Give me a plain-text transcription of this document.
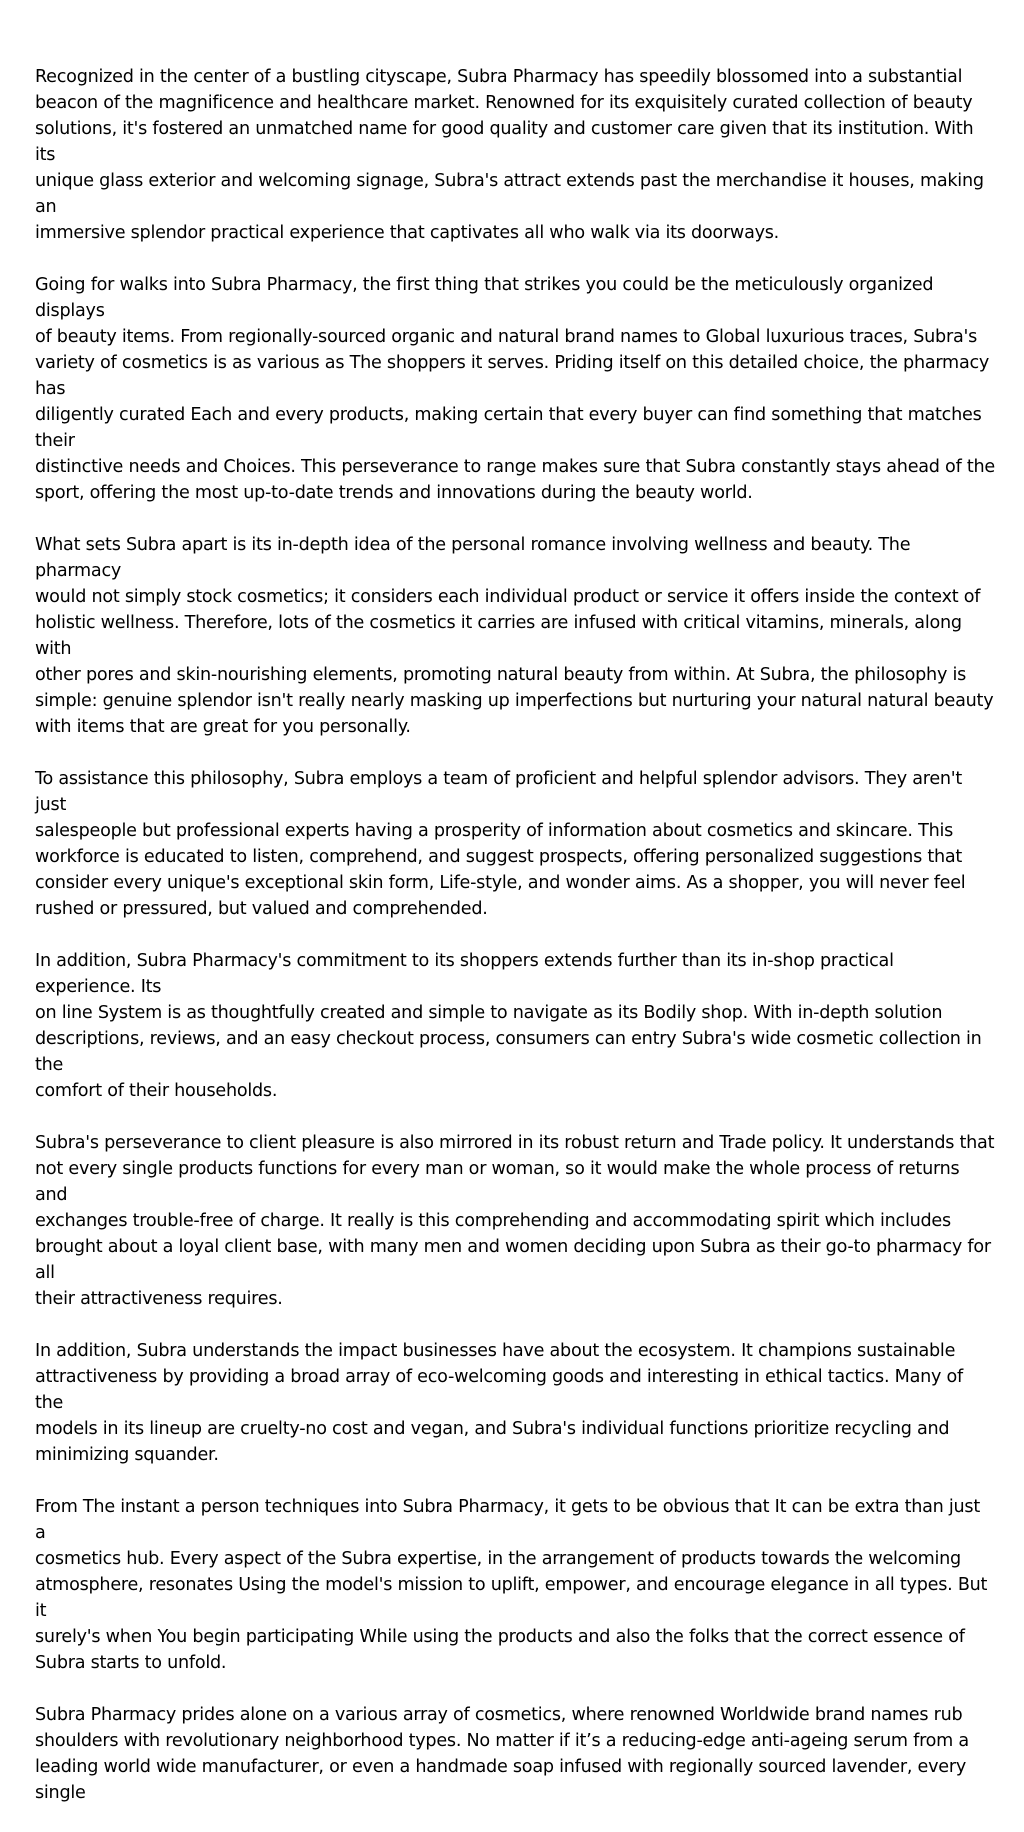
Recognized in the center of a bustling cityscape, Subra Pharmacy has speedily blossomed into a substantial
beacon of the magnificence and healthcare market. Renowned for its exquisitely curated collection of beauty
solutions, it's fostered an unmatched name for good quality and customer care given that its institution. With its
unique glass exterior and welcoming signage, Subra's attract extends past the merchandise it houses, making an
immersive splendor practical experience that captivates all who walk via its doorways.

Going for walks into Subra Pharmacy, the first thing that strikes you could be the meticulously organized displays
of beauty items. From regionally-sourced organic and natural brand names to Global luxurious traces, Subra's
variety of cosmetics is as various as The shoppers it serves. Priding itself on this detailed choice, the pharmacy has
diligently curated Each and every products, making certain that every buyer can find something that matches their
distinctive needs and Choices. This perseverance to range makes sure that Subra constantly stays ahead of the
sport, offering the most up-to-date trends and innovations during the beauty world.

What sets Subra apart is its in-depth idea of the personal romance involving wellness and beauty. The pharmacy
would not simply stock cosmetics; it considers each individual product or service it offers inside the context of
holistic wellness. Therefore, lots of the cosmetics it carries are infused with critical vitamins, minerals, along with
other pores and skin-nourishing elements, promoting natural beauty from within. At Subra, the philosophy is
simple: genuine splendor isn't really nearly masking up imperfections but nurturing your natural natural beauty
with items that are great for you personally.

To assistance this philosophy, Subra employs a team of proficient and helpful splendor advisors. They aren't just
salespeople but professional experts having a prosperity of information about cosmetics and skincare. This
workforce is educated to listen, comprehend, and suggest prospects, offering personalized suggestions that
consider every unique's exceptional skin form, Life-style, and wonder aims. As a shopper, you will never feel
rushed or pressured, but valued and comprehended.

In addition, Subra Pharmacy's commitment to its shoppers extends further than its in-shop practical experience. Its
on line System is as thoughtfully created and simple to navigate as its Bodily shop. With in-depth solution
descriptions, reviews, and an easy checkout process, consumers can entry Subra's wide cosmetic collection in the
comfort of their households.

Subra's perseverance to client pleasure is also mirrored in its robust return and Trade policy. It understands that
not every single products functions for every man or woman, so it would make the whole process of returns and
exchanges trouble-free of charge. It really is this comprehending and accommodating spirit which includes
brought about a loyal client base, with many men and women deciding upon Subra as their go-to pharmacy for all
their attractiveness requires.

In addition, Subra understands the impact businesses have about the ecosystem. It champions sustainable
attractiveness by providing a broad array of eco-welcoming goods and interesting in ethical tactics. Many of the
models in its lineup are cruelty-no cost and vegan, and Subra's individual functions prioritize recycling and
minimizing squander.

From The instant a person techniques into Subra Pharmacy, it gets to be obvious that It can be extra than just a
cosmetics hub. Every aspect of the Subra expertise, in the arrangement of products towards the welcoming
atmosphere, resonates Using the model's mission to uplift, empower, and encourage elegance in all types. But it
surely's when You begin participating While using the products and also the folks that the correct essence of
Subra starts to unfold.

Subra Pharmacy prides alone on a various array of cosmetics, where renowned Worldwide brand names rub
shoulders with revolutionary neighborhood types. No matter if it’s a reducing-edge anti-ageing serum from a
leading world wide manufacturer, or even a handmade soap infused with regionally sourced lavender, every single
